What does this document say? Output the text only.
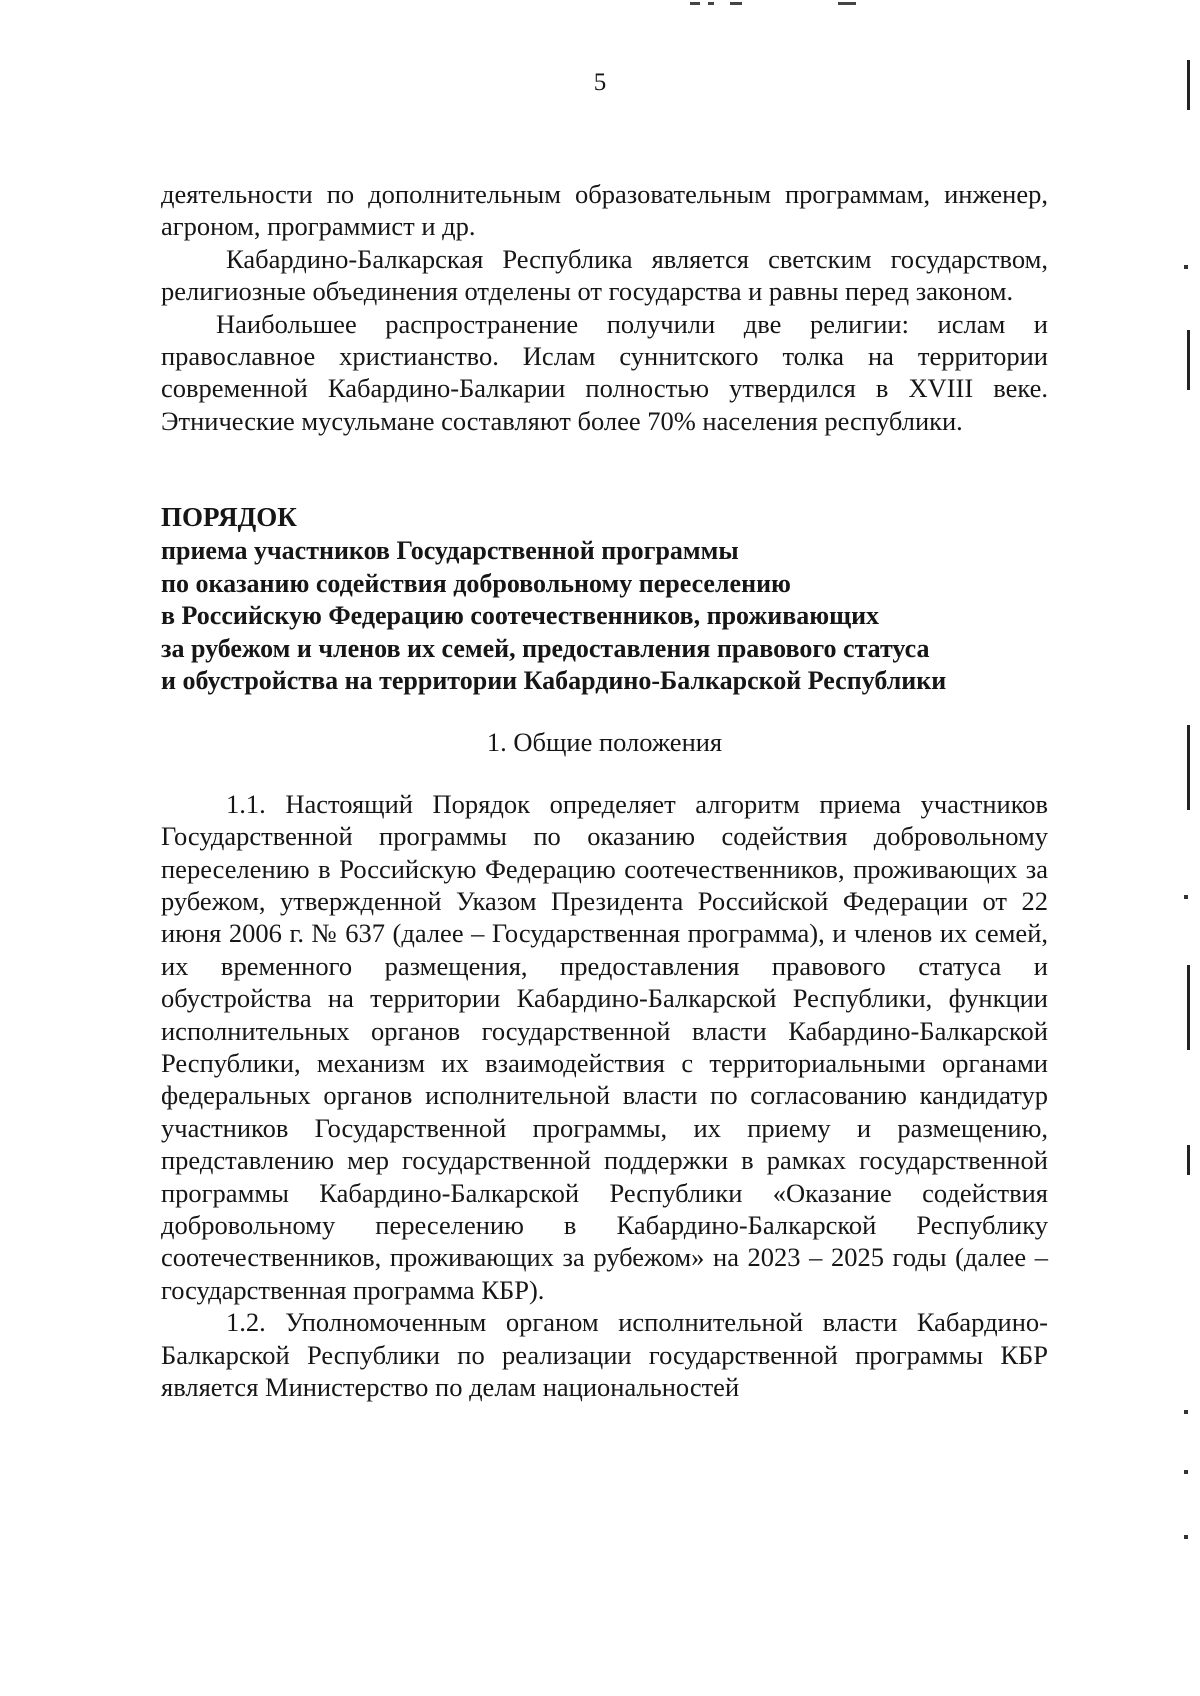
5

деятельности по дополнительным образовательным программам, инженер, агроном, программист и др.

Кабардино-Балкарская Республика является светским государством, религиозные объединения отделены от государства и равны перед законом.

Наибольшее распространение получили две религии: ислам и православное христианство. Ислам суннитского толка на территории современной Кабардино-Балкарии полностью утвердился в XVIII веке. Этнические мусульмане составляют более 70% населения республики.

ПОРЯДОК

приема участников Государственной программы

по оказанию содействия добровольному переселению

в Российскую Федерацию соотечественников, проживающих

за рубежом и членов их семей, предоставления правового статуса

и обустройства на территории Кабардино-Балкарской Республики

1. Общие положения

1.1. Настоящий Порядок определяет алгоритм приема участников Государственной программы по оказанию содействия добровольному переселению в Российскую Федерацию соотечественников, проживающих за рубежом, утвержденной Указом Президента Российской Федерации от 22 июня 2006 г. № 637 (далее – Государственная программа), и членов их семей, их временного размещения, предоставления правового статуса и обустройства на территории Кабардино-Балкарской Республики, функции исполнительных органов государственной власти Кабардино-Балкарской Республики, механизм их взаимодействия с территориальными органами федеральных органов исполнительной власти по согласованию кандидатур участников Государственной программы, их приему и размещению, представлению мер государственной поддержки в рамках государственной программы Кабардино-Балкарской Республики «Оказание содействия добровольному переселению в Кабардино-Балкарской Республику соотечественников, проживающих за рубежом» на 2023 – 2025 годы (далее – государственная программа КБР).

1.2. Уполномоченным органом исполнительной власти Кабардино-Балкарской Республики по реализации государственной программы КБР является Министерство по делам национальностей
